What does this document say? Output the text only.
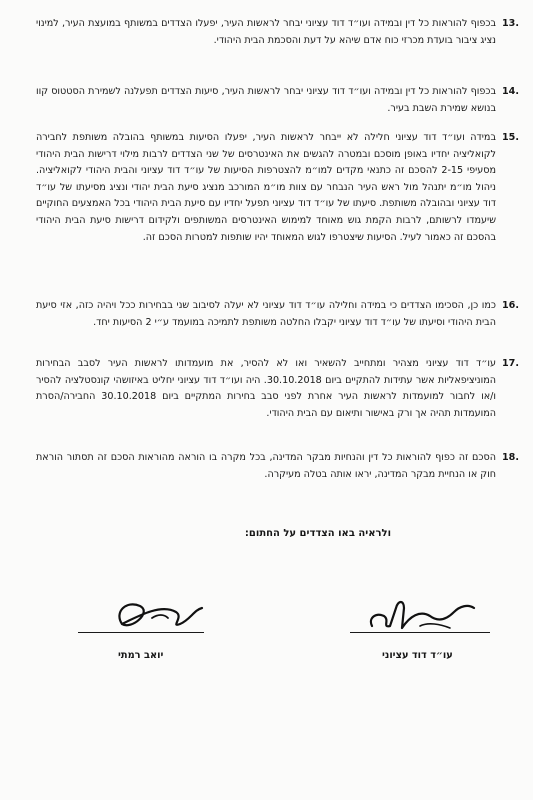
13.
בכפוף להוראות כל דין ובמידה ועו״ד דוד עציוני יבחר לראשות העיר, יפעלו הצדדים במשותף במועצת העיר, למינוי נציג ציבור בועדת מכרזי כוח אדם שיהא על דעת והסכמת הבית היהודי.
14.
בכפוף להוראות כל דין ובמידה ועו״ד דוד עציוני יבחר לראשות העיר, סיעות הצדדים תפעלנה לשמירת הסטטוס קוו בנושא שמירת השבת בעיר.
15.
במידה ועו״ד דוד עציוני חלילה לא ייבחר לראשות העיר, יפעלו הסיעות במשותף בהובלה משותפת לחבירה לקואליציה יחדיו באופן מוסכם ובמטרה להגשים את האינטרסים של שני הצדדים לרבות מילוי דרישות הבית היהודי מסעיפי 2-15 להסכם זה כתנאי מקדים למו״מ להצטרפות הסיעות של עו״ד דוד עציוני והבית היהודי לקואליציה. ניהול מו״מ יתנהל מול ראש העיר הנבחר עם צוות מו״מ המורכב מנציג סיעת הבית יהודי ונציג מסיעתו של עו״ד דוד עציוני ובהובלה משותפת. סיעתו של עו״ד דוד עציוני תפעל יחדיו עם סיעת הבית היהודי בכל האמצעים החוקיים שיעמדו לרשותם, לרבות הקמת גוש מאוחד למימוש האינטרסים המשותפים ולקידום דרישות סיעת הבית היהודי בהסכם זה כאמור לעיל. הסיעות שיצטרפו לגוש המאוחד יהיו שותפות למטרות הסכם זה.
16.
כמו כן, הסכימו הצדדים כי במידה וחלילה עו״ד דוד עציוני לא יעלה לסיבוב שני בבחירות ככל ויהיה כזה, אזי סיעת הבית היהודי וסיעתו של עו״ד דוד עציוני יקבלו החלטה משותפת לתמיכה במועמד ע״י 2 הסיעות יחד.
17.
עו״ד דוד עציוני מצהיר ומתחייב להשאיר ואו לא להסיר, את מועמדותו לראשות העיר לסבב הבחירות המוניציפאליות אשר עתידות להתקיים ביום 30.10.2018. היה ועו״ד דוד עציוני יחליט באיזושהי קונסטלציה להסיר ו/או לחבור למועמדות לראשות העיר אחרת לפני סבב בחירות המתקיים ביום 30.10.2018 החבירה/הסרת המועמדות תהיה אך ורק באישור ותיאום עם הבית היהודי.
18.
הסכם זה כפוף להוראות כל דין והנחיות מבקר המדינה, בכל מקרה בו הוראה מהוראות הסכם זה תסתור הוראת חוק או הנחיית מבקר המדינה, יראו אותה בטלה מעיקרה.
ולראיה באו הצדדים על החתום:
יואב רמתי	עו״ד דוד עציוני
